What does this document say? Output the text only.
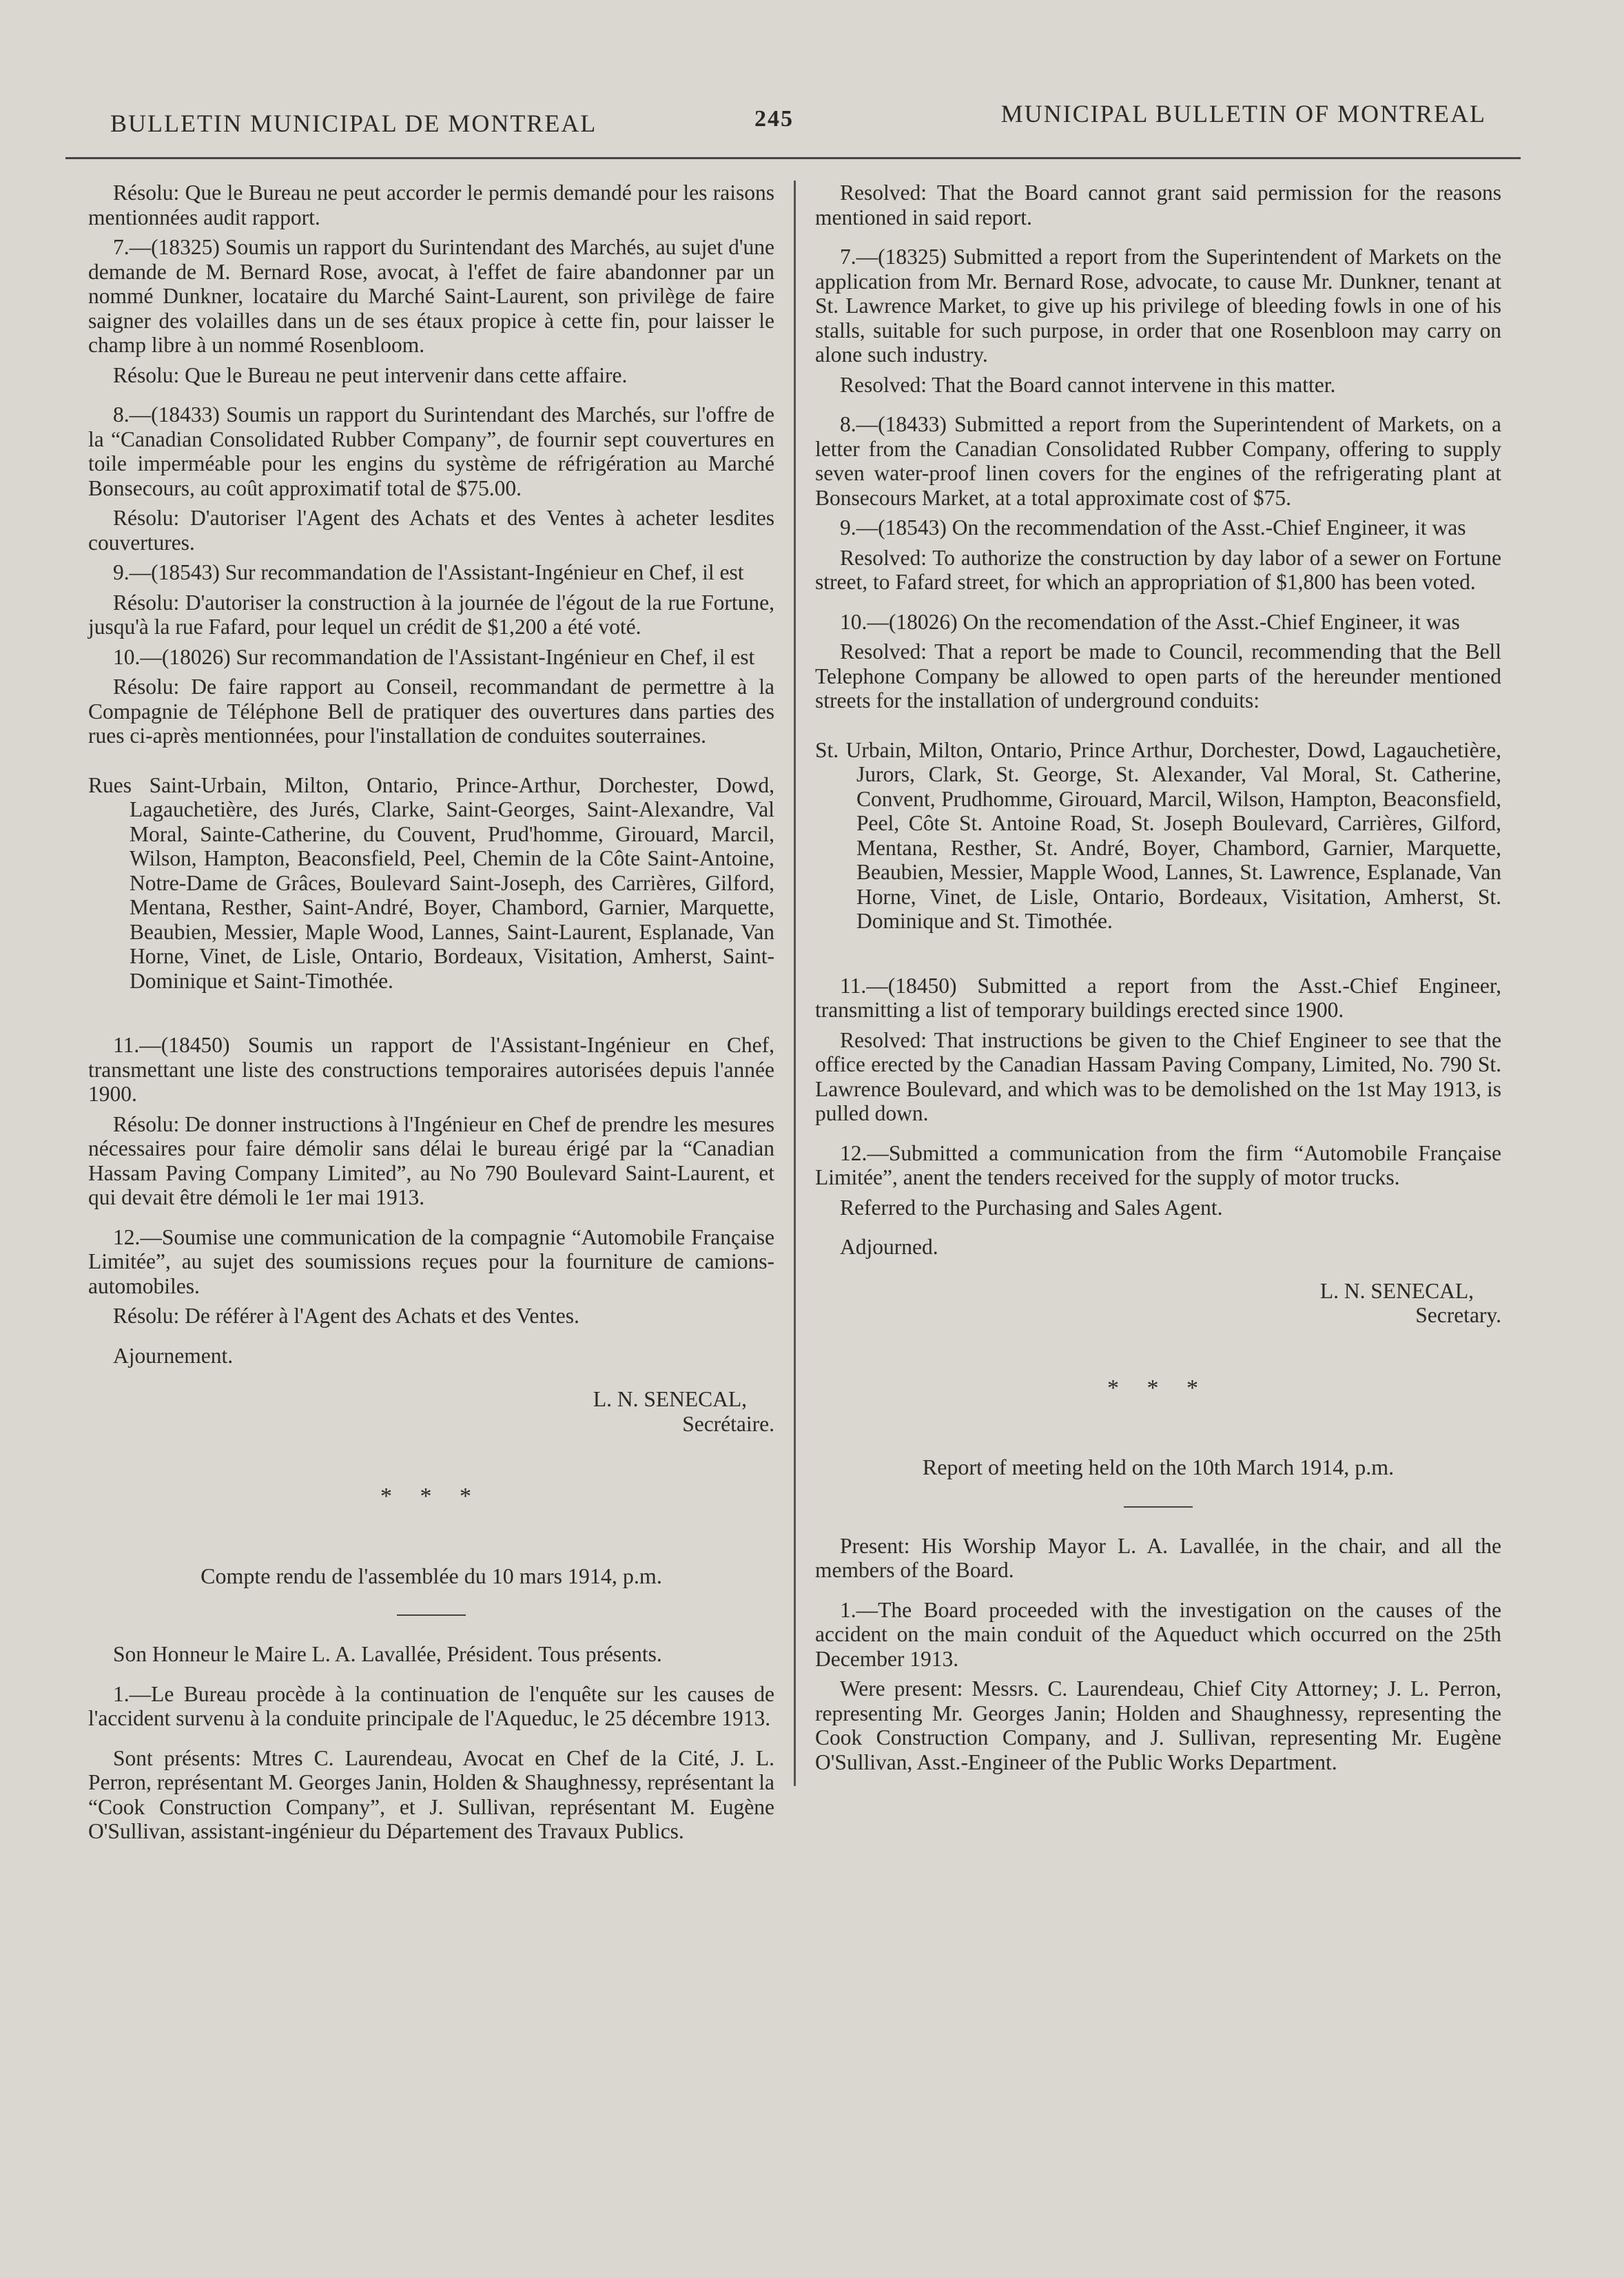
BULLETIN MUNICIPAL DE MONTREAL	245	MUNICIPAL BULLETIN OF MONTREAL

Résolu: Que le Bureau ne peut accorder le permis demandé pour les raisons mentionnées audit rapport.

7.—(18325) Soumis un rapport du Surintendant des Marchés, au sujet d'une demande de M. Bernard Rose, avocat, à l'effet de faire abandonner par un nommé Dunkner, locataire du Marché Saint-Laurent, son privilège de faire saigner des volailles dans un de ses étaux propice à cette fin, pour laisser le champ libre à un nommé Rosenbloom.

Résolu: Que le Bureau ne peut intervenir dans cette affaire.

8.—(18433) Soumis un rapport du Surintendant des Marchés, sur l'offre de la “Canadian Consolidated Rubber Company”, de fournir sept couvertures en toile imperméable pour les engins du système de réfrigération au Marché Bonsecours, au coût approximatif total de $75.00.

Résolu: D'autoriser l'Agent des Achats et des Ventes à acheter lesdites couvertures.

9.—(18543) Sur recommandation de l'Assistant-Ingénieur en Chef, il est

Résolu: D'autoriser la construction à la journée de l'égout de la rue Fortune, jusqu'à la rue Fafard, pour lequel un crédit de $1,200 a été voté.

10.—(18026) Sur recommandation de l'Assistant-Ingénieur en Chef, il est

Résolu: De faire rapport au Conseil, recommandant de permettre à la Compagnie de Téléphone Bell de pratiquer des ouvertures dans parties des rues ci-après mentionnées, pour l'installation de conduites souterraines.

Rues Saint-Urbain, Milton, Ontario, Prince-Arthur, Dorchester, Dowd, Lagauchetière, des Jurés, Clarke, Saint-Georges, Saint-Alexandre, Val Moral, Sainte-Catherine, du Couvent, Prud'homme, Girouard, Marcil, Wilson, Hampton, Beaconsfield, Peel, Chemin de la Côte Saint-Antoine, Notre-Dame de Grâces, Boulevard Saint-Joseph, des Carrières, Gilford, Mentana, Resther, Saint-André, Boyer, Chambord, Garnier, Marquette, Beaubien, Messier, Maple Wood, Lannes, Saint-Laurent, Esplanade, Van Horne, Vinet, de Lisle, Ontario, Bordeaux, Visitation, Amherst, Saint-Dominique et Saint-Timothée.

11.—(18450) Soumis un rapport de l'Assistant-Ingénieur en Chef, transmettant une liste des constructions temporaires autorisées depuis l'année 1900.

Résolu: De donner instructions à l'Ingénieur en Chef de prendre les mesures nécessaires pour faire démolir sans délai le bureau érigé par la “Canadian Hassam Paving Company Limited”, au No 790 Boulevard Saint-Laurent, et qui devait être démoli le 1er mai 1913.

12.—Soumise une communication de la compagnie “Automobile Française Limitée”, au sujet des soumissions reçues pour la fourniture de camions-automobiles.

Résolu: De référer à l'Agent des Achats et des Ventes.

Ajournement.

L. N. SENECAL,
Secrétaire.
* * *
Compte rendu de l'assemblée du 10 mars 1914, p.m.

Son Honneur le Maire L. A. Lavallée, Président. Tous présents.

1.—Le Bureau procède à la continuation de l'enquête sur les causes de l'accident survenu à la conduite principale de l'Aqueduc, le 25 décembre 1913.

Sont présents: Mtres C. Laurendeau, Avocat en Chef de la Cité, J. L. Perron, représentant M. Georges Janin, Holden & Shaughnessy, représentant la “Cook Construction Company”, et J. Sullivan, représentant M. Eugène O'Sullivan, assistant-ingénieur du Département des Travaux Publics.

Resolved: That the Board cannot grant said permission for the reasons mentioned in said report.

7.—(18325) Submitted a report from the Superintendent of Markets on the application from Mr. Bernard Rose, advocate, to cause Mr. Dunkner, tenant at St. Lawrence Market, to give up his privilege of bleeding fowls in one of his stalls, suitable for such purpose, in order that one Rosenbloon may carry on alone such industry.

Resolved: That the Board cannot intervene in this matter.

8.—(18433) Submitted a report from the Superintendent of Markets, on a letter from the Canadian Consolidated Rubber Company, offering to supply seven water-proof linen covers for the engines of the refrigerating plant at Bonsecours Market, at a total approximate cost of $75.

9.—(18543) On the recommendation of the Asst.-Chief Engineer, it was

Resolved: To authorize the construction by day labor of a sewer on Fortune street, to Fafard street, for which an appropriation of $1,800 has been voted.

10.—(18026) On the recomendation of the Asst.-Chief Engineer, it was

Resolved: That a report be made to Council, recommending that the Bell Telephone Company be allowed to open parts of the hereunder mentioned streets for the installation of underground conduits:

St. Urbain, Milton, Ontario, Prince Arthur, Dorchester, Dowd, Lagauchetière, Jurors, Clark, St. George, St. Alexander, Val Moral, St. Catherine, Convent, Prudhomme, Girouard, Marcil, Wilson, Hampton, Beaconsfield, Peel, Côte St. Antoine Road, St. Joseph Boulevard, Carrières, Gilford, Mentana, Resther, St. André, Boyer, Chambord, Garnier, Marquette, Beaubien, Messier, Mapple Wood, Lannes, St. Lawrence, Esplanade, Van Horne, Vinet, de Lisle, Ontario, Bordeaux, Visitation, Amherst, St. Dominique and St. Timothée.

11.—(18450) Submitted a report from the Asst.-Chief Engineer, transmitting a list of temporary buildings erected since 1900.

Resolved: That instructions be given to the Chief Engineer to see that the office erected by the Canadian Hassam Paving Company, Limited, No. 790 St. Lawrence Boulevard, and which was to be demolished on the 1st May 1913, is pulled down.

12.—Submitted a communication from the firm “Automobile Française Limitée”, anent the tenders received for the supply of motor trucks.

Referred to the Purchasing and Sales Agent.

Adjourned.

L. N. SENECAL,
Secretary.
* * *
Report of meeting held on the 10th March 1914, p.m.

Present: His Worship Mayor L. A. Lavallée, in the chair, and all the members of the Board.

1.—The Board proceeded with the investigation on the causes of the accident on the main conduit of the Aqueduct which occurred on the 25th December 1913.

Were present: Messrs. C. Laurendeau, Chief City Attorney; J. L. Perron, representing Mr. Georges Janin; Holden and Shaughnessy, representing the Cook Construction Company, and J. Sullivan, representing Mr. Eugène O'Sullivan, Asst.-Engineer of the Public Works Department.
